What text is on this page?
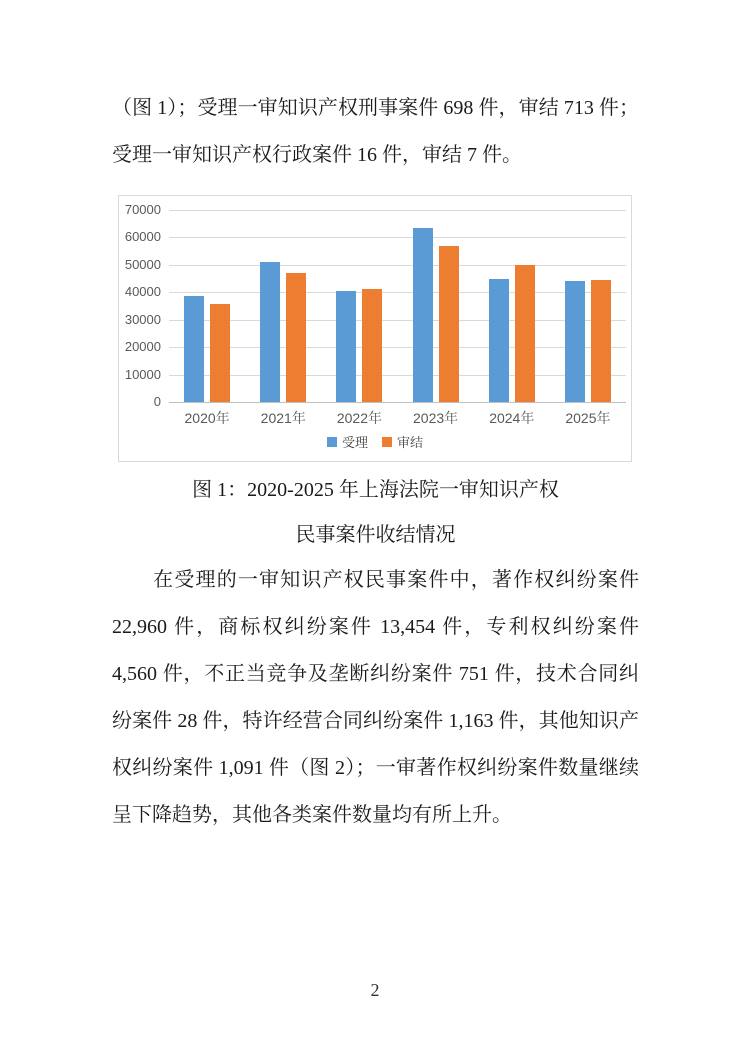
（图 1）；受理一审知识产权刑事案件 698 件，审结 713 件；受理一审知识产权行政案件 16 件，审结 7 件。
0
10000
20000
30000
40000
50000
60000
70000
2020年	2021年	2022年	2023年	2024年	2025年
受理 审结
图 1：2020-2025 年上海法院一审知识产权
民事案件收结情况
在受理的一审知识产权民事案件中，著作权纠纷案件 22,960 件，商标权纠纷案件 13,454 件，专利权纠纷案件 4,560 件，不正当竞争及垄断纠纷案件 751 件，技术合同纠纷案件 28 件，特许经营合同纠纷案件 1,163 件，其他知识产权纠纷案件 1,091 件（图 2）；一审著作权纠纷案件数量继续呈下降趋势，其他各类案件数量均有所上升。
2
